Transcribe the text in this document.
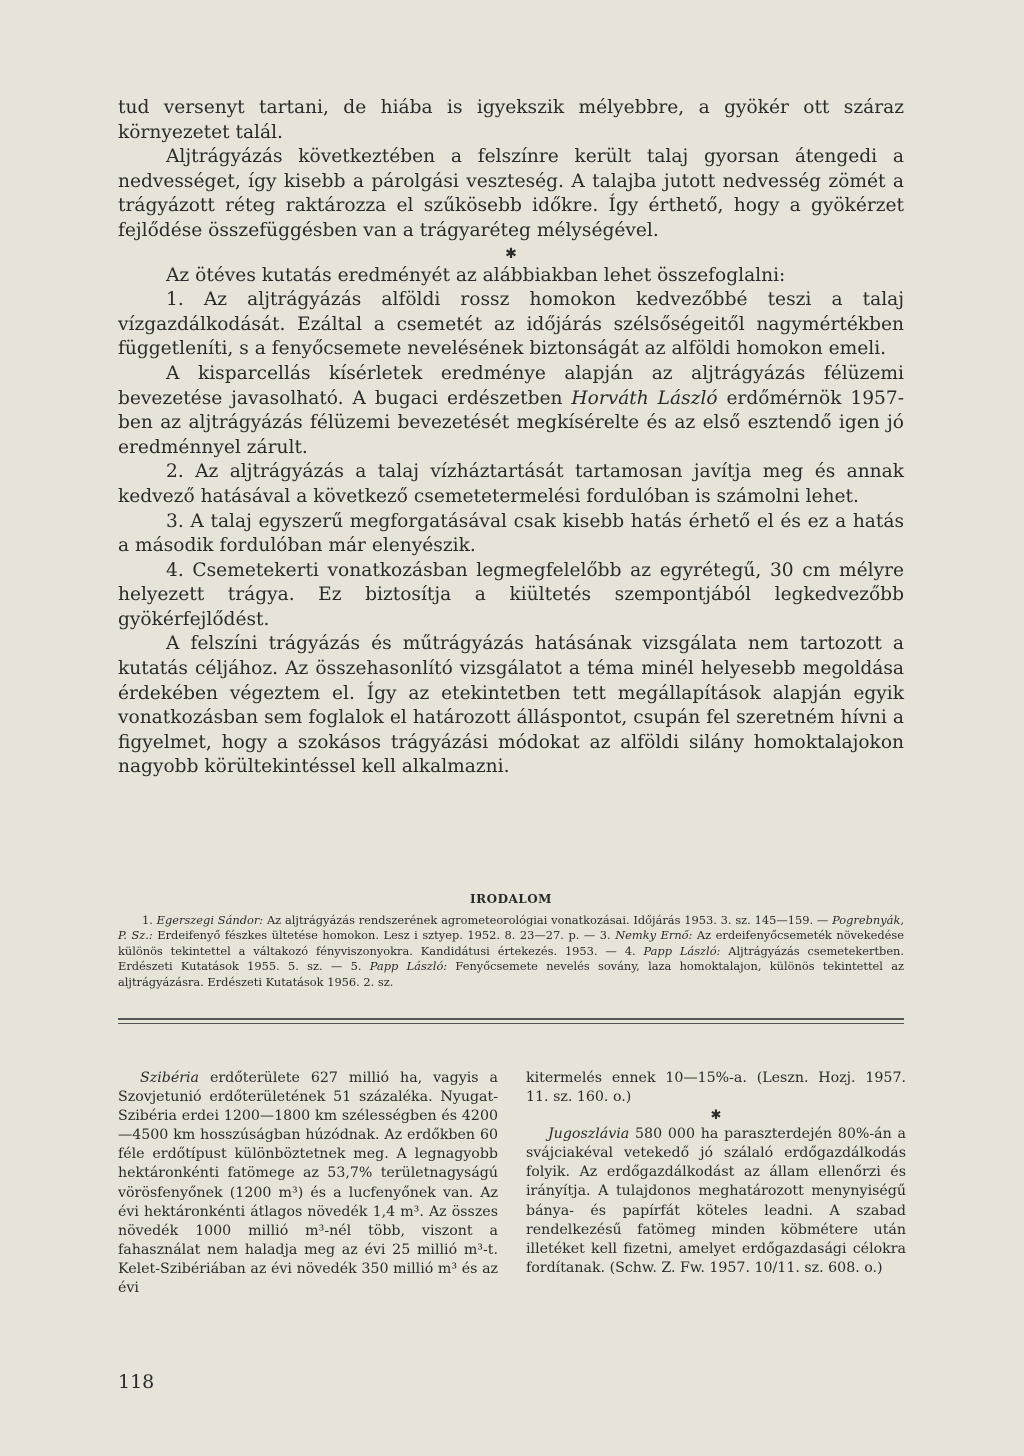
tud versenyt tartani, de hiába is igyekszik mélyebbre, a gyökér ott száraz környezetet talál.

Aljtrágyázás következtében a felszínre került talaj gyorsan átengedi a nedvességet, így kisebb a párolgási veszteség. A talajba jutott nedvesség zömét a trágyázott réteg raktározza el szűkösebb időkre. Így érthető, hogy a gyökérzet fejlődése összefüggésben van a trágyaréteg mélységével.

✱

Az ötéves kutatás eredményét az alábbiakban lehet összefoglalni:

1. Az aljtrágyázás alföldi rossz homokon kedvezőbbé teszi a talaj vízgazdálkodását. Ezáltal a csemetét az időjárás szélsőségeitől nagymértékben függetleníti, s a fenyőcsemete nevelésének biztonságát az alföldi homokon emeli.

A kisparcellás kísérletek eredménye alapján az aljtrágyázás félüzemi bevezetése javasolható. A bugaci erdészetben Horváth László erdőmérnök 1957-ben az aljtrágyázás félüzemi bevezetését megkísérelte és az első esztendő igen jó eredménnyel zárult.

2. Az aljtrágyázás a talaj vízháztartását tartamosan javítja meg és annak kedvező hatásával a következő csemetetermelési fordulóban is számolni lehet.

3. A talaj egyszerű megforgatásával csak kisebb hatás érhető el és ez a hatás a második fordulóban már elenyészik.

4. Csemetekerti vonatkozásban legmegfelelőbb az egyrétegű, 30 cm mélyre helyezett trágya. Ez biztosítja a kiültetés szempontjából legkedvezőbb gyökérfejlődést.

A felszíni trágyázás és műtrágyázás hatásának vizsgálata nem tartozott a kutatás céljához. Az összehasonlító vizsgálatot a téma minél helyesebb megoldása érdekében végeztem el. Így az etekintetben tett megállapítások alapján egyik vonatkozásban sem foglalok el határozott álláspontot, csupán fel szeretném hívni a figyelmet, hogy a szokásos trágyázási módokat az alföldi silány homoktalajokon nagyobb körültekintéssel kell alkalmazni.

IRODALOM

1. Egerszegi Sándor: Az aljtrágyázás rendszerének agrometeorológiai vonatkozásai. Időjárás 1953. 3. sz. 145—159. — Pogrebnyák, P. Sz.: Erdeifenyő fészkes ültetése homokon. Lesz i sztyep. 1952. 8. 23—27. p. — 3. Nemky Ernő: Az erdeifenyőcsemeték növekedése különös tekintettel a váltakozó fényviszonyokra. Kandidátusi értekezés. 1953. — 4. Papp László: Aljtrágyázás csemetekertben. Erdészeti Kutatások 1955. 5. sz. — 5. Papp László: Fenyőcsemete nevelés sovány, laza homoktalajon, különös tekintettel az aljtrágyázásra. Erdészeti Kutatások 1956. 2. sz.

Szibéria erdőterülete 627 millió ha, vagyis a Szovjetunió erdőterületének 51 százaléka. Nyugat-Szibéria erdei 1200—1800 km szélességben és 4200—4500 km hosszúságban húzódnak. Az erdőkben 60 féle erdőtípust különböztetnek meg. A legnagyobb hektáronkénti fatömege az 53,7% területnagyságú vörösfenyőnek (1200 m³) és a lucfenyőnek van. Az évi hektáronkénti átlagos növedék 1,4 m³. Az összes növedék 1000 millió m³-nél több, viszont a fahasználat nem haladja meg az évi 25 millió m³-t. Kelet-Szibériában az évi növedék 350 millió m³ és az évi

kitermelés ennek 10—15%-a. (Leszn. Hozj. 1957. 11. sz. 160. o.)

✱

Jugoszlávia 580 000 ha paraszterdején 80%-án a svájciakéval vetekedő jó szálaló erdőgazdálkodás folyik. Az erdőgazdálkodást az állam ellenőrzi és irányítja. A tulajdonos meghatározott menynyiségű bánya- és papírfát köteles leadni. A szabad rendelkezésű fatömeg minden köbmétere után illetéket kell fizetni, amelyet erdőgazdasági célokra fordítanak. (Schw. Z. Fw. 1957. 10/11. sz. 608. o.)

118
